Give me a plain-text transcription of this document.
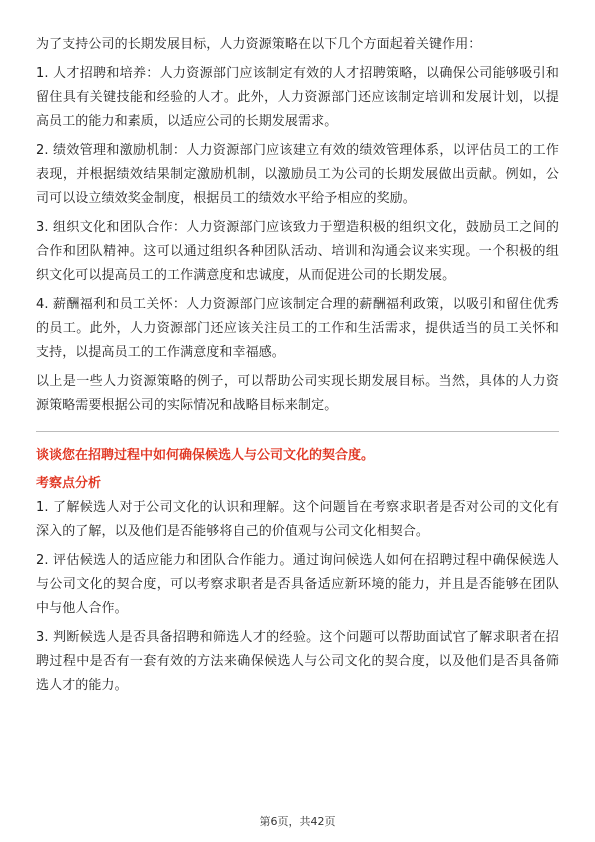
为了支持公司的长期发展目标，人力资源策略在以下几个方面起着关键作用：

1. 人才招聘和培养：人力资源部门应该制定有效的人才招聘策略，以确保公司能够吸引和留住具有关键技能和经验的人才。此外，人力资源部门还应该制定培训和发展计划，以提高员工的能力和素质，以适应公司的长期发展需求。

2. 绩效管理和激励机制：人力资源部门应该建立有效的绩效管理体系，以评估员工的工作表现，并根据绩效结果制定激励机制，以激励员工为公司的长期发展做出贡献。例如，公司可以设立绩效奖金制度，根据员工的绩效水平给予相应的奖励。

3. 组织文化和团队合作：人力资源部门应该致力于塑造积极的组织文化，鼓励员工之间的合作和团队精神。这可以通过组织各种团队活动、培训和沟通会议来实现。一个积极的组织文化可以提高员工的工作满意度和忠诚度，从而促进公司的长期发展。

4. 薪酬福利和员工关怀：人力资源部门应该制定合理的薪酬福利政策，以吸引和留住优秀的员工。此外，人力资源部门还应该关注员工的工作和生活需求，提供适当的员工关怀和支持，以提高员工的工作满意度和幸福感。

以上是一些人力资源策略的例子，可以帮助公司实现长期发展目标。当然，具体的人力资源策略需要根据公司的实际情况和战略目标来制定。

谈谈您在招聘过程中如何确保候选人与公司文化的契合度。

考察点分析

1. 了解候选人对于公司文化的认识和理解。这个问题旨在考察求职者是否对公司的文化有深入的了解，以及他们是否能够将自己的价值观与公司文化相契合。

2. 评估候选人的适应能力和团队合作能力。通过询问候选人如何在招聘过程中确保候选人与公司文化的契合度，可以考察求职者是否具备适应新环境的能力，并且是否能够在团队中与他人合作。

3. 判断候选人是否具备招聘和筛选人才的经验。这个问题可以帮助面试官了解求职者在招聘过程中是否有一套有效的方法来确保候选人与公司文化的契合度，以及他们是否具备筛选人才的能力。

第6页，共42页
